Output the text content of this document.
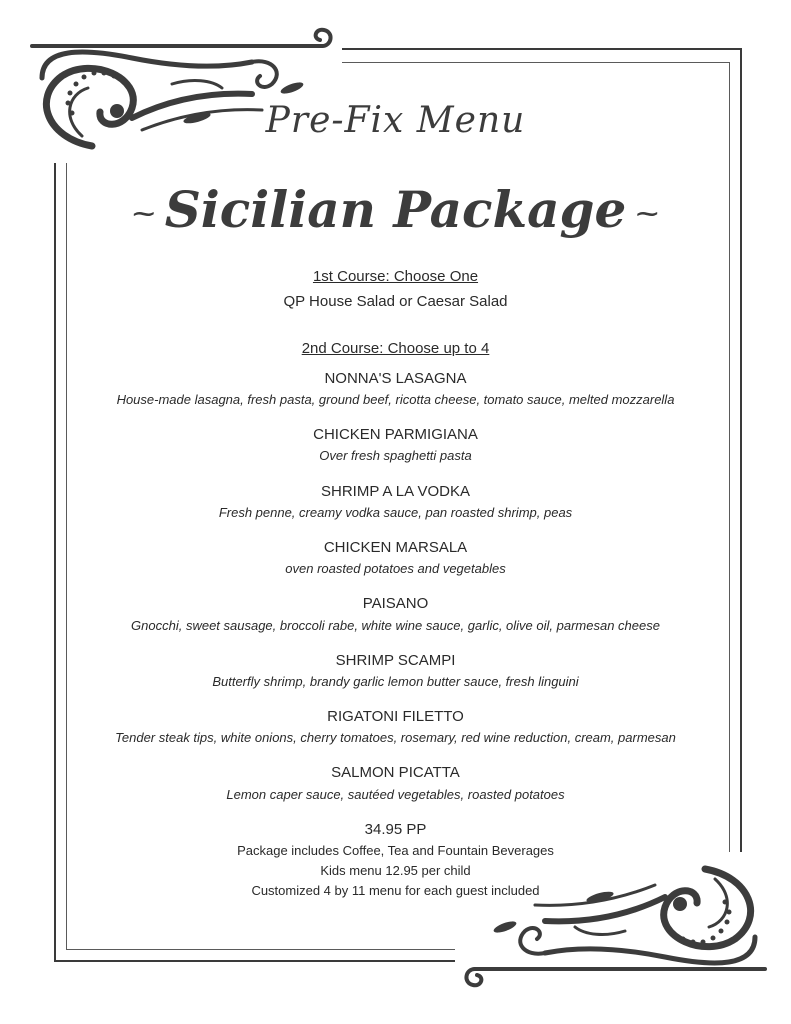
Pre-Fix Menu
⁓ Sicilian Package ⁓
1st Course: Choose One
QP House Salad or Caesar Salad
2nd Course: Choose up to 4
NONNA'S LASAGNA
House-made lasagna, fresh pasta, ground beef, ricotta cheese, tomato sauce, melted mozzarella
CHICKEN PARMIGIANA
Over fresh spaghetti pasta
SHRIMP A LA VODKA
Fresh penne, creamy vodka sauce, pan roasted shrimp, peas
CHICKEN MARSALA
oven roasted potatoes and vegetables
PAISANO
Gnocchi, sweet sausage, broccoli rabe, white wine sauce, garlic, olive oil, parmesan cheese
SHRIMP SCAMPI
Butterfly shrimp, brandy garlic lemon butter sauce, fresh linguini
RIGATONI FILETTO
Tender steak tips, white onions, cherry tomatoes, rosemary, red wine reduction, cream, parmesan
SALMON PICATTA
Lemon caper sauce, sautéed vegetables, roasted potatoes
34.95 PP
Package includes Coffee, Tea and Fountain Beverages
Kids menu 12.95 per child
Customized 4 by 11 menu for each guest included
